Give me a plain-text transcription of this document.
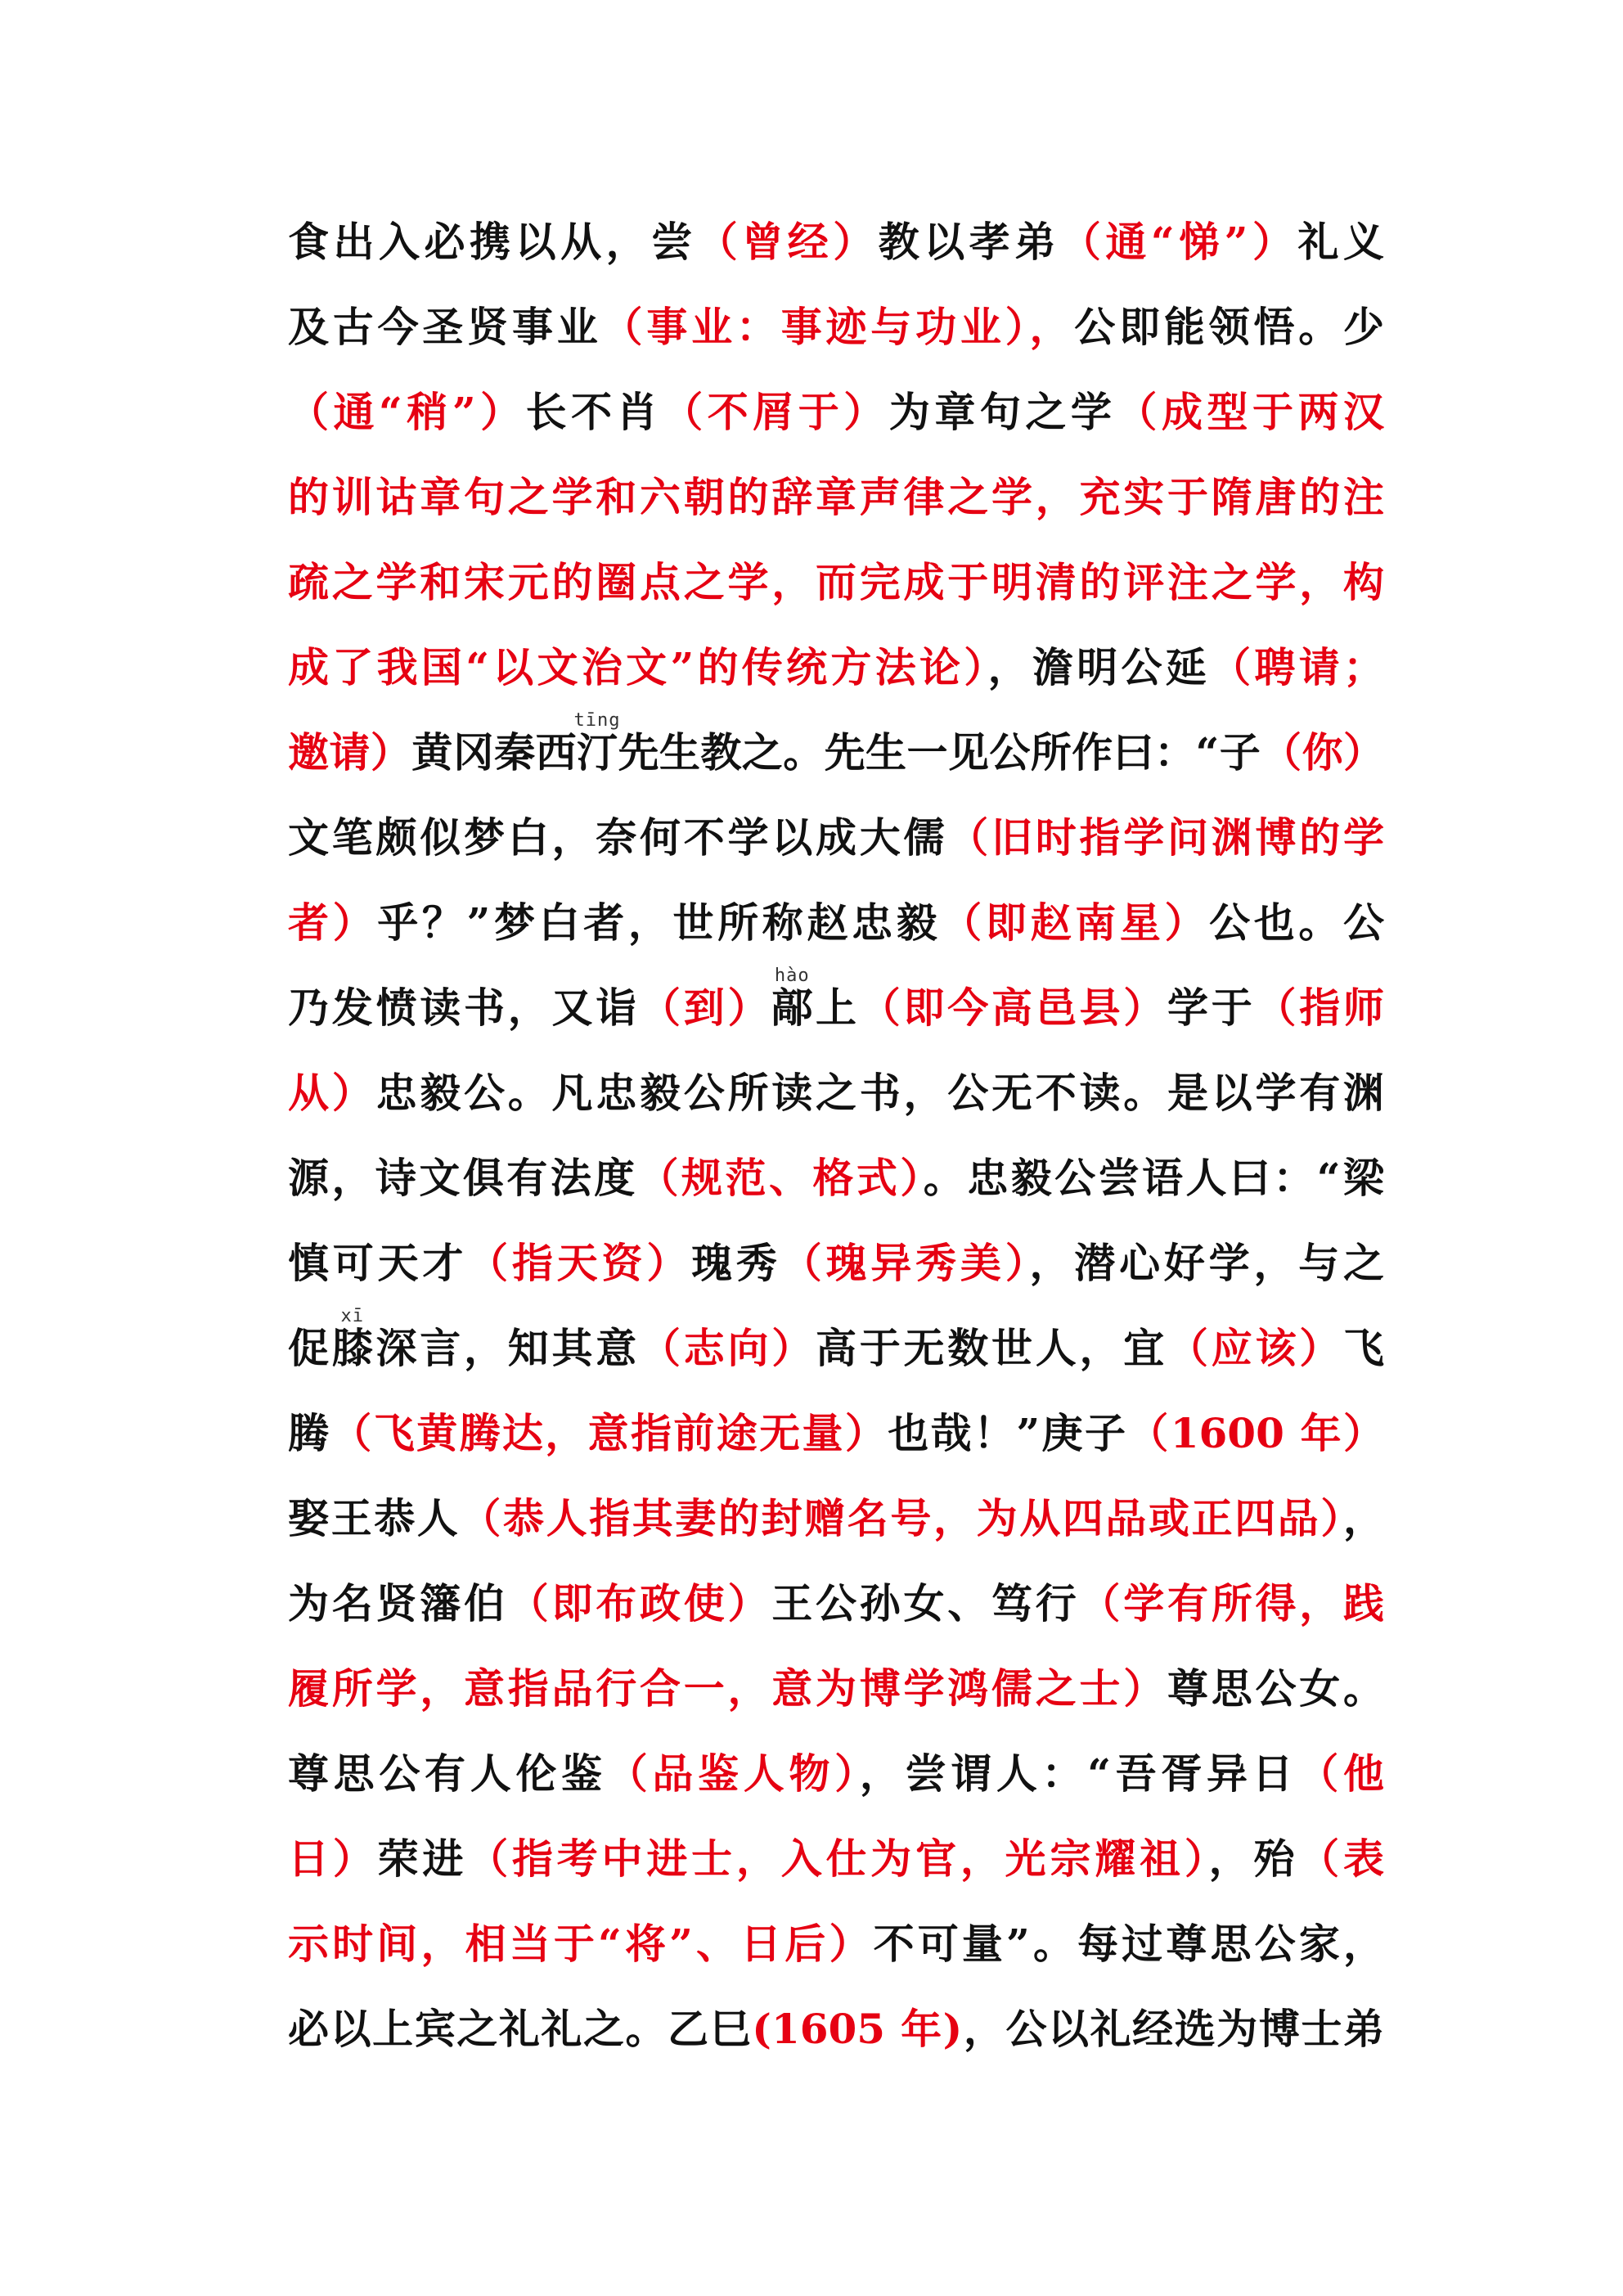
食出入必携以从，尝（曾经）教以孝弟（通“悌”）礼义
及古今圣贤事业（事业：事迹与功业），公即能领悟。少
（通“稍”）长不肖（不屑于）为章句之学（成型于两汉
的训诂章句之学和六朝的辞章声律之学，充实于隋唐的注
疏之学和宋元的圈点之学，而完成于明清的评注之学，构
成了我国“以文治文”的传统方法论），澹明公延（聘请；
邀请）黄冈秦西汀tīng先生教之。先生一见公所作曰：“子（你）
文笔颇似梦白，奈何不学以成大儒（旧时指学问渊博的学
者）乎？”梦白者，世所称赵忠毅（即赵南星）公也。公
乃发愤读书，又诣（到）鄗hào上（即今高邑县）学于（指师
从）忠毅公。凡忠毅公所读之书，公无不读。是以学有渊
源，诗文俱有法度（规范、格式）。忠毅公尝语人曰：“梁
慎可天才（指天资）瑰秀（瑰异秀美），潜心好学，与之
促膝xī深言，知其意（志向）高于无数世人，宜（应该）飞
腾（飞黄腾达，意指前途无量）也哉！”庚子（1600 年）
娶王恭人（恭人指其妻的封赠名号，为从四品或正四品），
为名贤籓伯（即布政使）王公孙女、笃行（学有所得，践
履所学，意指品行合一，意为博学鸿儒之士）尊思公女。
尊思公有人伦鉴（品鉴人物），尝谓人：“吾胥异日（他
日）荣进（指考中进士，入仕为官，光宗耀祖），殆（表
示时间，相当于“将”、日后）不可量”。每过尊思公家，
必以上宾之礼礼之。乙巳(1605 年)，公以礼经选为博士弟
